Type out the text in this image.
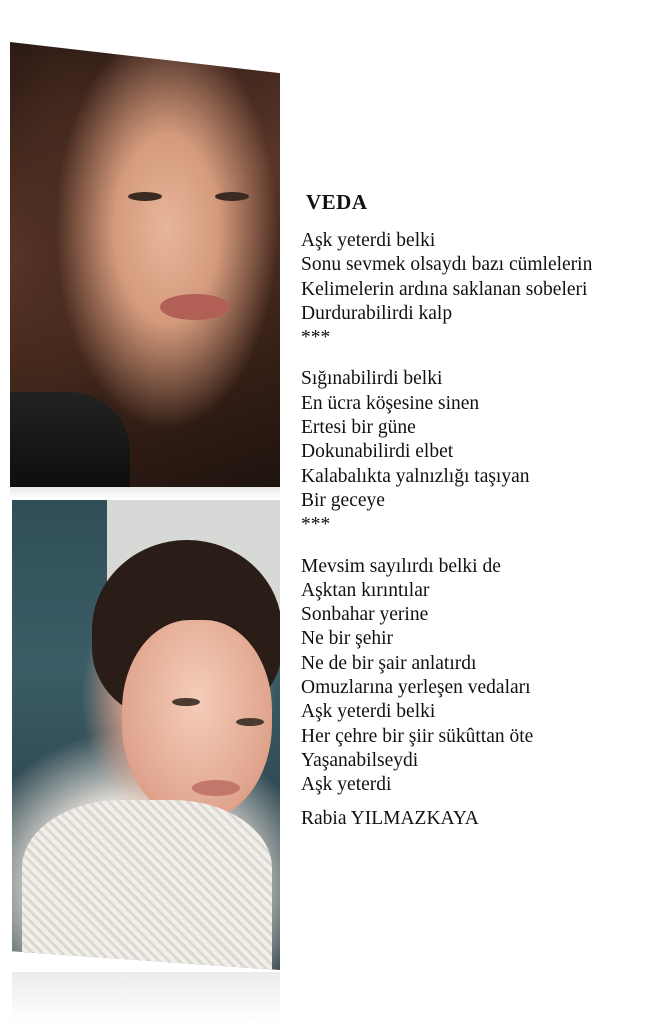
VEDA
Aşk yeterdi belki
Sonu sevmek olsaydı bazı cümlelerin
Kelimelerin ardına saklanan sobeleri
Durdurabilirdi kalp
***
Sığınabilirdi belki
En ücra köşesine sinen
Ertesi bir güne
Dokunabilirdi elbet
Kalabalıkta yalnızlığı taşıyan
Bir geceye
***
Mevsim sayılırdı belki de
Aşktan kırıntılar
Sonbahar yerine
Ne bir şehir
Ne de bir şair anlatırdı
Omuzlarına yerleşen vedaları
Aşk yeterdi belki
Her çehre bir şiir sükûttan öte
Yaşanabilseydi
Aşk yeterdi
Rabia YILMAZKAYA
